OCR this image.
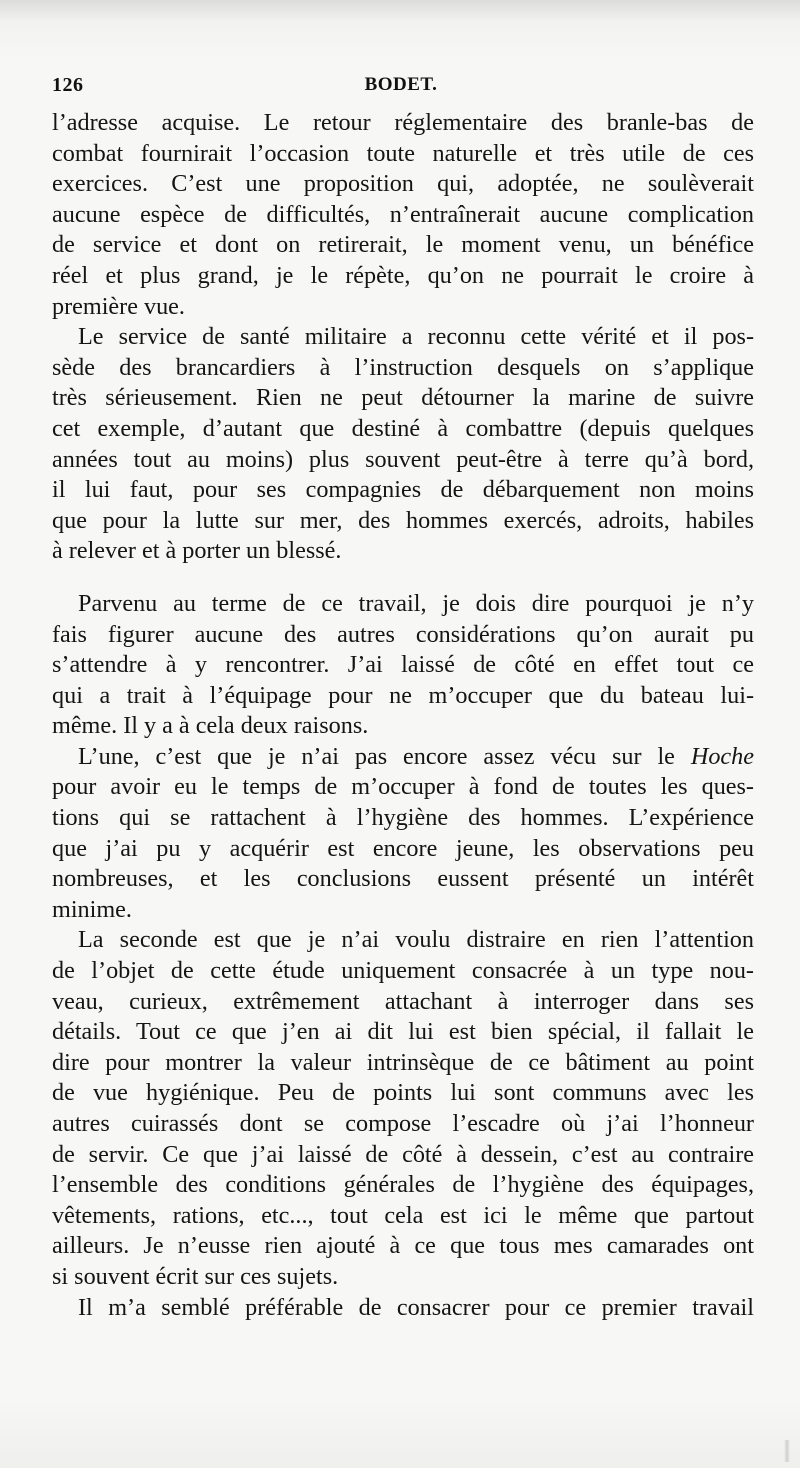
126	BODET.
l’adresse acquise. Le retour réglementaire des branle-bas de
combat fournirait l’occasion toute naturelle et très utile de ces
exercices. C’est une proposition qui, adoptée, ne soulèverait
aucune espèce de difficultés, n’entraînerait aucune complication
de service et dont on retirerait, le moment venu, un bénéfice
réel et plus grand, je le répète, qu’on ne pourrait le croire à
première vue.
Le service de santé militaire a reconnu cette vérité et il pos-
sède des brancardiers à l’instruction desquels on s’applique
très sérieusement. Rien ne peut détourner la marine de suivre
cet exemple, d’autant que destiné à combattre (depuis quelques
années tout au moins) plus souvent peut-être à terre qu’à bord,
il lui faut, pour ses compagnies de débarquement non moins
que pour la lutte sur mer, des hommes exercés, adroits, habiles
à relever et à porter un blessé.
Parvenu au terme de ce travail, je dois dire pourquoi je n’y
fais figurer aucune des autres considérations qu’on aurait pu
s’attendre à y rencontrer. J’ai laissé de côté en effet tout ce
qui a trait à l’équipage pour ne m’occuper que du bateau lui-
même. Il y a à cela deux raisons.
L’une, c’est que je n’ai pas encore assez vécu sur le Hoche
pour avoir eu le temps de m’occuper à fond de toutes les ques-
tions qui se rattachent à l’hygiène des hommes. L’expérience
que j’ai pu y acquérir est encore jeune, les observations peu
nombreuses, et les conclusions eussent présenté un intérêt
minime.
La seconde est que je n’ai voulu distraire en rien l’attention
de l’objet de cette étude uniquement consacrée à un type nou-
veau, curieux, extrêmement attachant à interroger dans ses
détails. Tout ce que j’en ai dit lui est bien spécial, il fallait le
dire pour montrer la valeur intrinsèque de ce bâtiment au point
de vue hygiénique. Peu de points lui sont communs avec les
autres cuirassés dont se compose l’escadre où j’ai l’honneur
de servir. Ce que j’ai laissé de côté à dessein, c’est au contraire
l’ensemble des conditions générales de l’hygiène des équipages,
vêtements, rations, etc..., tout cela est ici le même que partout
ailleurs. Je n’eusse rien ajouté à ce que tous mes camarades ont
si souvent écrit sur ces sujets.
Il m’a semblé préférable de consacrer pour ce premier travail
